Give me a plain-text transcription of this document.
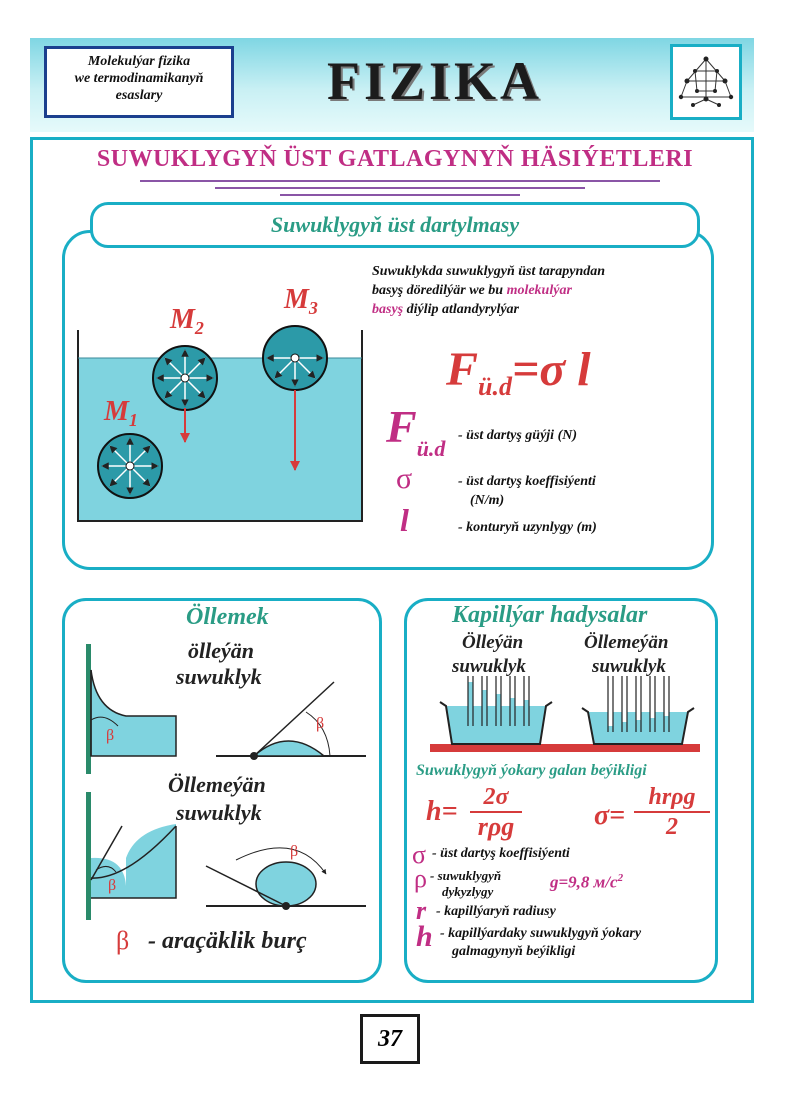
Molekulýar fizika
we termodinamikanyň
esaslary	FIZIKA
SUWUKLYGYŇ ÜST GATLAGYNYŇ HÄSIÝETLERI
Suwuklygyň üst dartylmasy
$M_1$
$M_2$
$M_3$
Suwuklykda suwuklygyň üst tarapyndan
basyş döredilýär we bu molekulýar
basyş diýlip atlandyrylýar
$F_{ü.d}=\sigma$ l
$F_{ü.d}$
- üst dartyş güýji (N)
σ	- üst dartyş koeffisiýenti
(N/m)
l	- konturyň uzynlygy (m)
Öllemek
ölleýän
suwuklyk
Öllemeýän
suwuklyk
β
β
β
β
β - araçäklik burç
Kapillýar hadysalar
Ölleýän
suwuklyk
Öllemeýän
suwuklyk
Suwuklygyň ýokary galan beýikligi
h=	2σ
rρg	σ=
hrρg
2
σ - üst dartyş koeffisiýenti
ρ - suwuklygyň
dykyzlygy	g=9,8 $м/с^2$
r - kapillýaryň radiusy
h - kapillýardaky suwuklygyň ýokary
galmagynyň beýikligi
37
